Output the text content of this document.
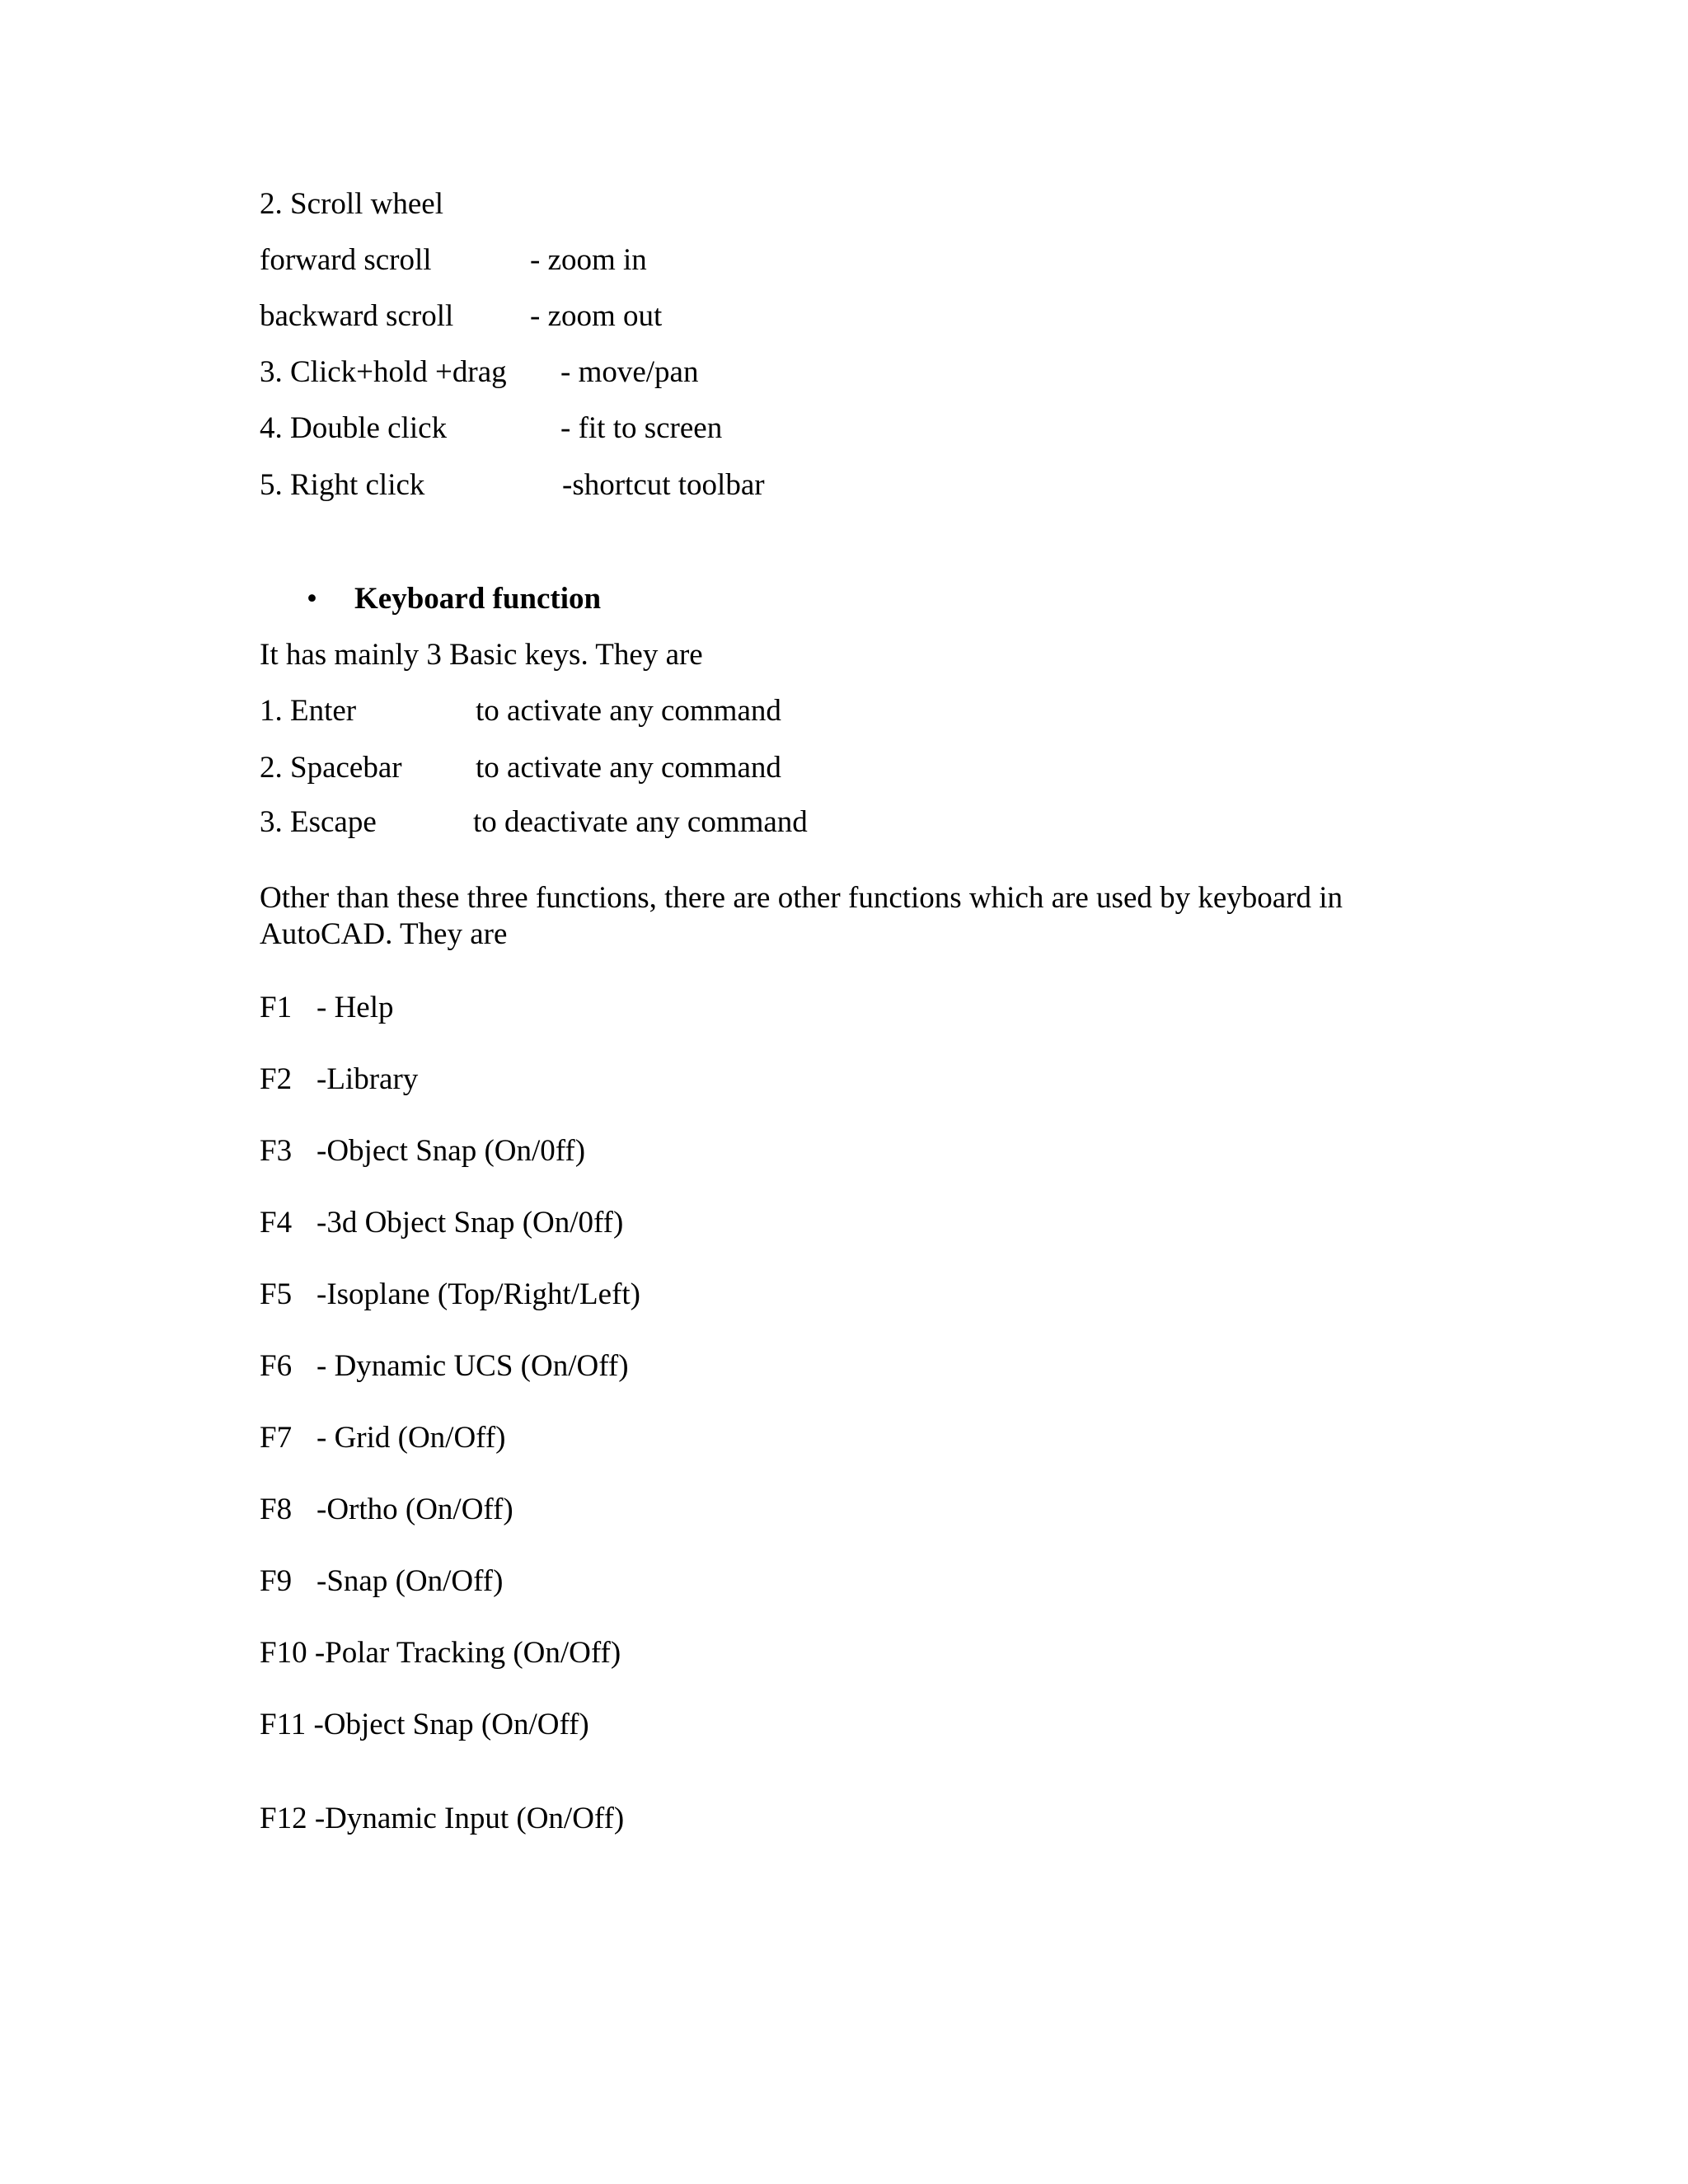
2. Scroll wheel
forward scroll	- zoom in
backward scroll	- zoom out
3. Click+hold +drag - move/pan
4. Double click	- fit to screen
5. Right click	-shortcut toolbar
• Keyboard function
It has mainly 3 Basic keys. They are
1. Enter	to activate any command
2. Spacebar to activate any command
3. Escape	to deactivate any command
Other than these three functions, there are other functions which are used by keyboard in AutoCAD. They are
F1 - Help
F2 -Library
F3 -Object Snap (On/0ff)
F4 -3d Object Snap (On/0ff)
F5 -Isoplane (Top/Right/Left)
F6 - Dynamic UCS (On/Off)
F7 - Grid (On/Off)
F8 -Ortho (On/Off)
F9 -Snap (On/Off)
F10 -Polar Tracking (On/Off)
F11 -Object Snap (On/Off)
F12 -Dynamic Input (On/Off)
